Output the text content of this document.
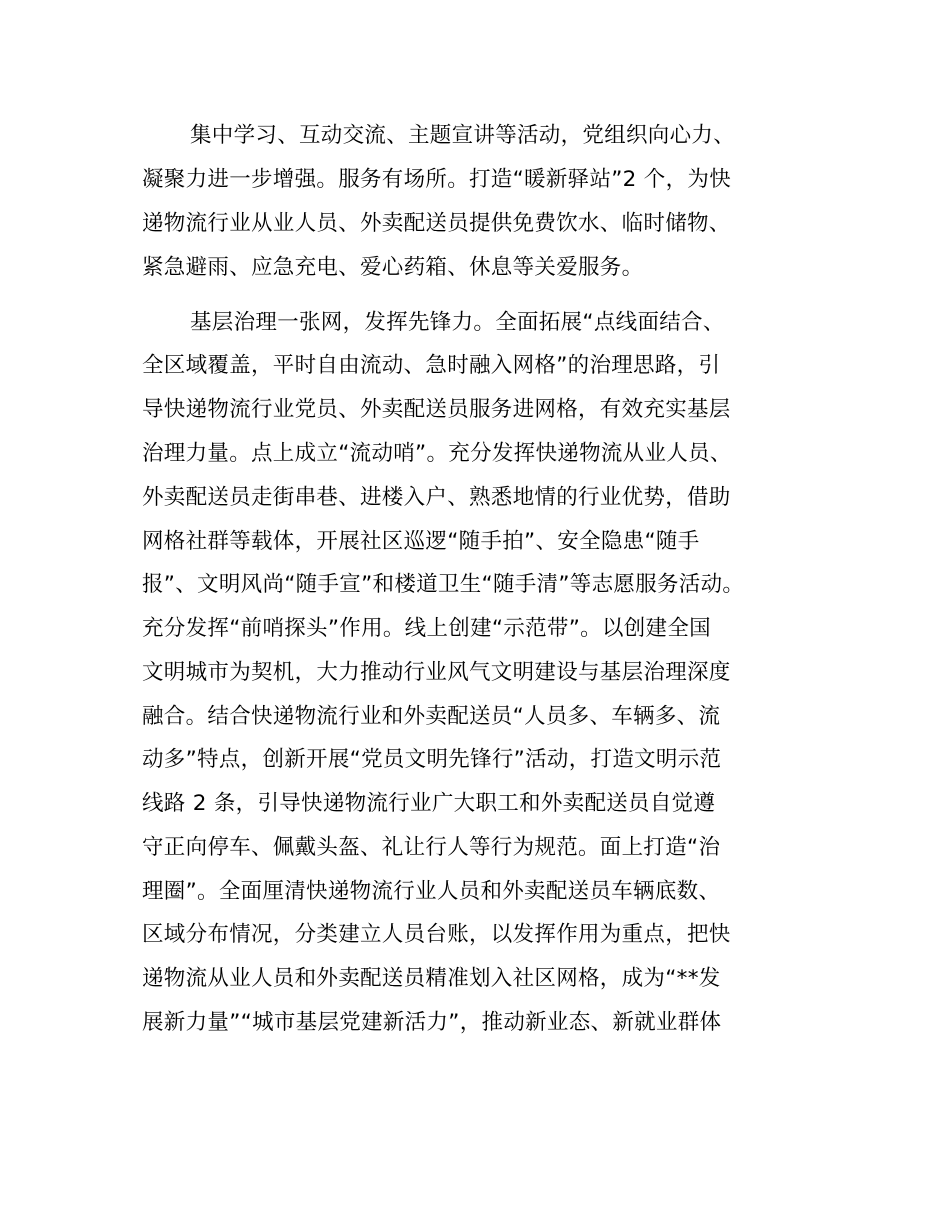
集中学习、互动交流、主题宣讲等活动，党组织向心力、
凝聚力进一步增强。服务有场所。打造“暖新驿站”2 个，为快
递物流行业从业人员、外卖配送员提供免费饮水、临时储物、
紧急避雨、应急充电、爱心药箱、休息等关爱服务。
基层治理一张网，发挥先锋力。全面拓展“点线面结合、
全区域覆盖，平时自由流动、急时融入网格”的治理思路，引
导快递物流行业党员、外卖配送员服务进网格，有效充实基层
治理力量。点上成立“流动哨”。充分发挥快递物流从业人员、
外卖配送员走街串巷、进楼入户、熟悉地情的行业优势，借助
网格社群等载体，开展社区巡逻“随手拍”、安全隐患“随手
报”、文明风尚“随手宣”和楼道卫生“随手清”等志愿服务活动。
充分发挥“前哨探头”作用。线上创建“示范带”。以创建全国
文明城市为契机，大力推动行业风气文明建设与基层治理深度
融合。结合快递物流行业和外卖配送员“人员多、车辆多、流
动多”特点，创新开展“党员文明先锋行”活动，打造文明示范
线路 2 条，引导快递物流行业广大职工和外卖配送员自觉遵
守正向停车、佩戴头盔、礼让行人等行为规范。面上打造“治
理圈”。全面厘清快递物流行业人员和外卖配送员车辆底数、
区域分布情况，分类建立人员台账，以发挥作用为重点，把快
递物流从业人员和外卖配送员精准划入社区网格，成为“**发
展新力量”“城市基层党建新活力”，推动新业态、新就业群体
